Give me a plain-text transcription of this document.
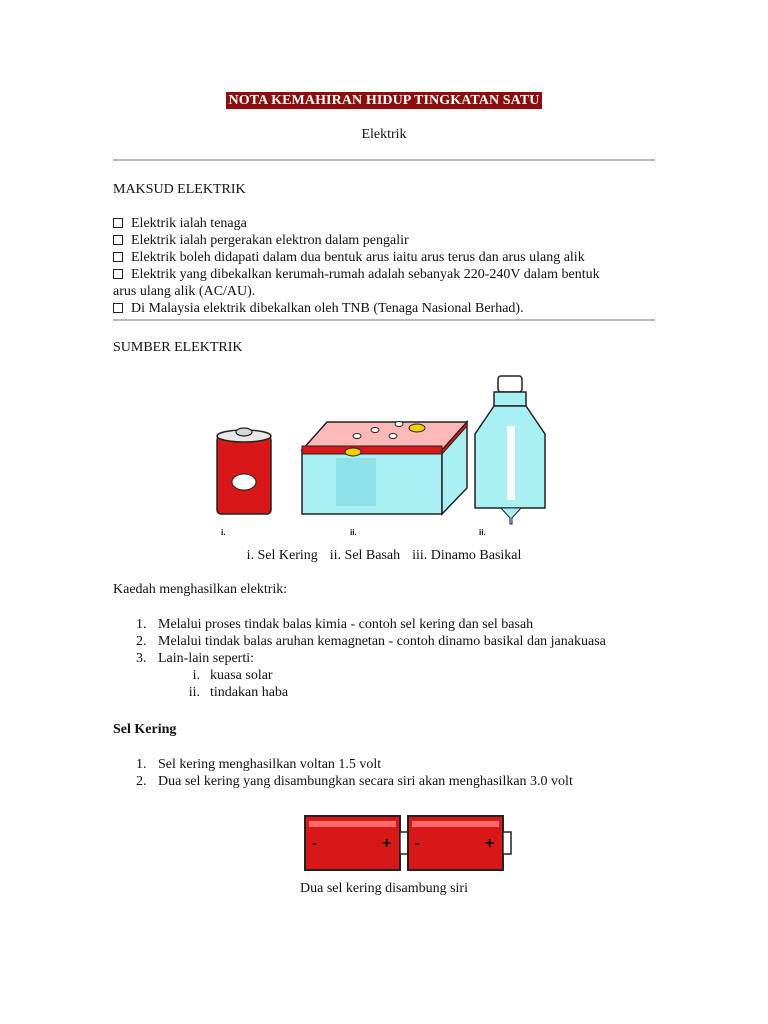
NOTA KEMAHIRAN HIDUP TINGKATAN SATU
Elektrik
MAKSUD ELEKTRIK
Elektrik ialah tenaga
Elektrik ialah pergerakan elektron dalam pengalir
Elektrik boleh didapati dalam dua bentuk arus iaitu arus terus dan arus ulang alik
Elektrik yang dibekalkan kerumah-rumah adalah sebanyak 220-240V dalam bentuk
arus ulang alik (AC/AU).
Di Malaysia elektrik dibekalkan oleh TNB (Tenaga Nasional Berhad).
SUMBER ELEKTRIK
i.	ii.	ii.
i. Sel Kering ii. Sel Basah iii. Dinamo Basikal
Kaedah menghasilkan elektrik:
1. Melalui proses tindak balas kimia - contoh sel kering dan sel basah
2. Melalui tindak balas aruhan kemagnetan - contoh dinamo basikal dan janakuasa
3. Lain-lain seperti:
i. kuasa solar
ii. tindakan haba
Sel Kering
1. Sel kering menghasilkan voltan 1.5 volt
2. Dua sel kering yang disambungkan secara siri akan menghasilkan 3.0 volt
-	+ -	+
Dua sel kering disambung siri
